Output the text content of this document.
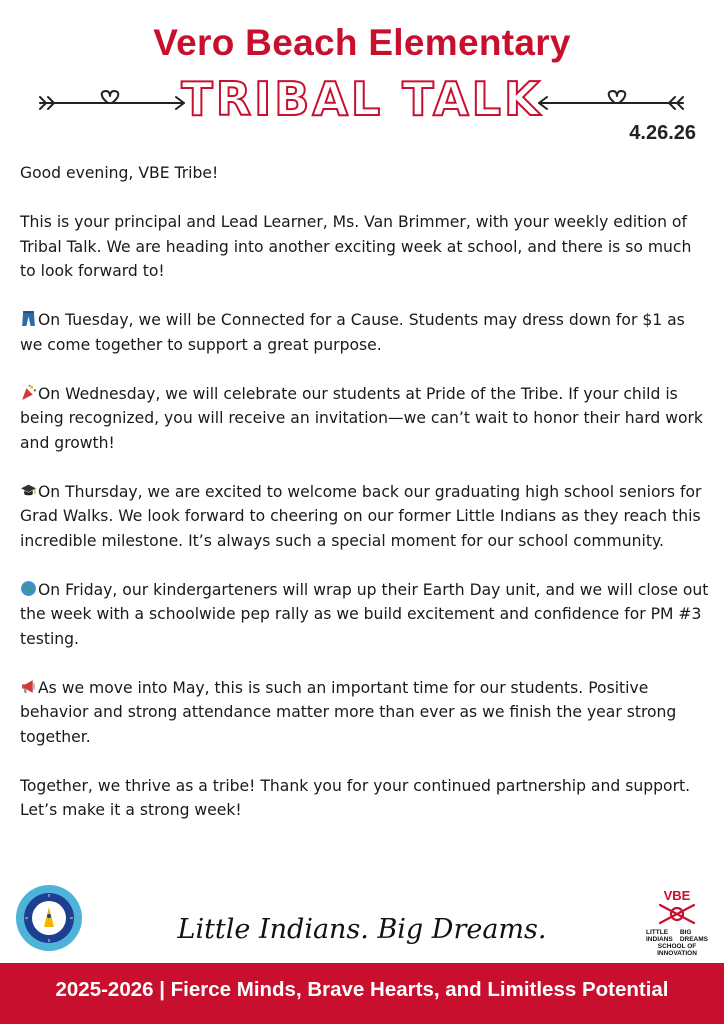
Vero Beach Elementary
TRIBAL TALK
4.26.26

Good evening, VBE Tribe!

This is your principal and Lead Learner, Ms. Van Brimmer, with your weekly edition of Tribal Talk. We are heading into another exciting week at school, and there is so much to look forward to!

On Tuesday, we will be Connected for a Cause. Students may dress down for $1 as we come together to support a great purpose.

On Wednesday, we will celebrate our students at Pride of the Tribe. If your child is being recognized, you will receive an invitation—we can’t wait to honor their hard work and growth!

On Thursday, we are excited to welcome back our graduating high school seniors for Grad Walks. We look forward to cheering on our former Little Indians as they reach this incredible milestone. It’s always such a special moment for our school community.

On Friday, our kindergarteners will wrap up their Earth Day unit, and we will close out the week with a schoolwide pep rally as we build excitement and confidence for PM #3 testing.

As we move into May, this is such an important time for our students. Positive behavior and strong attendance matter more than ever as we finish the year strong together.

Together, we thrive as a tribe! Thank you for your continued partnership and support. Let’s make it a strong week!

Little Indians. Big Dreams.
VBE
LITTLE
INDIANS
BIG
DREAMS
SCHOOL OF INNOVATION
2025-2026 | Fierce Minds, Brave Hearts, and Limitless Potential
